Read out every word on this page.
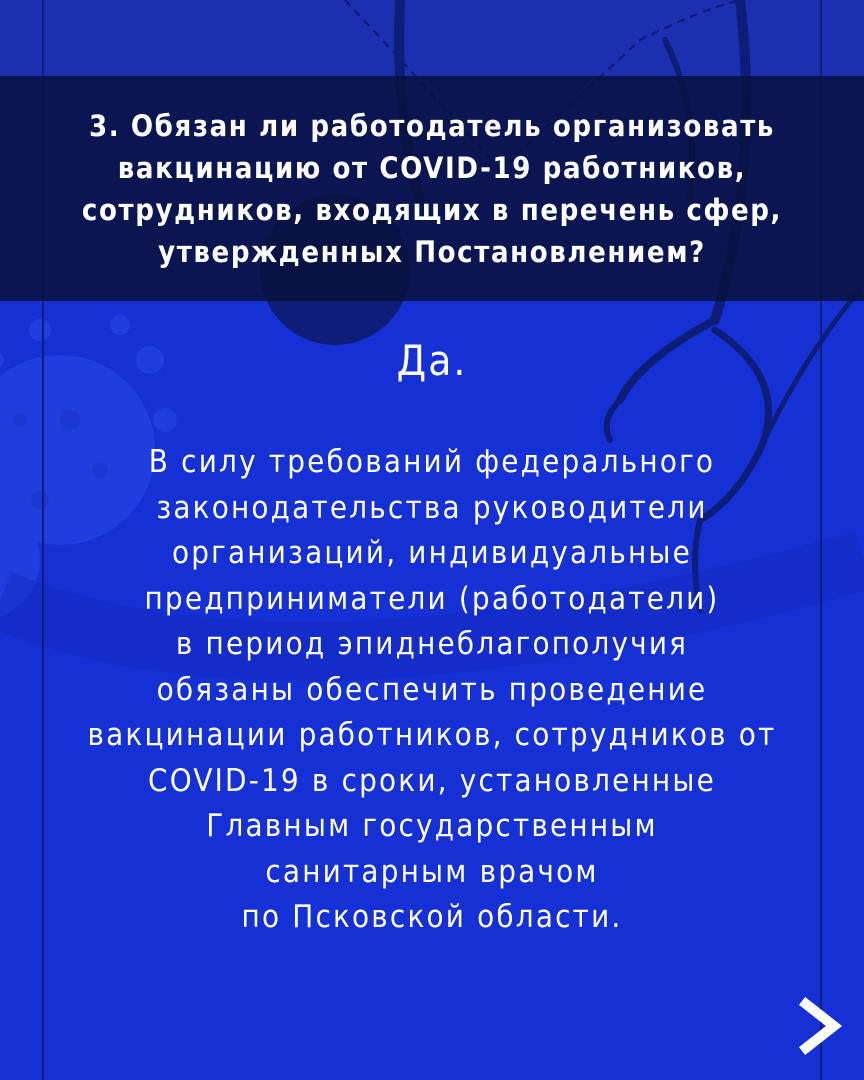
3. Обязан ли работодатель организовать
вакцинацию от COVID-19 работников,
сотрудников, входящих в перечень сфер,
утвержденных Постановлением?
Да.

В силу требований федерального
законодательства руководители
организаций, индивидуальные
предприниматели (работодатели)
в период эпиднеблагополучия
обязаны обеспечить проведение
вакцинации работников, сотрудников от
COVID-19 в сроки, установленные
Главным государственным
санитарным врачом
по Псковской области.
